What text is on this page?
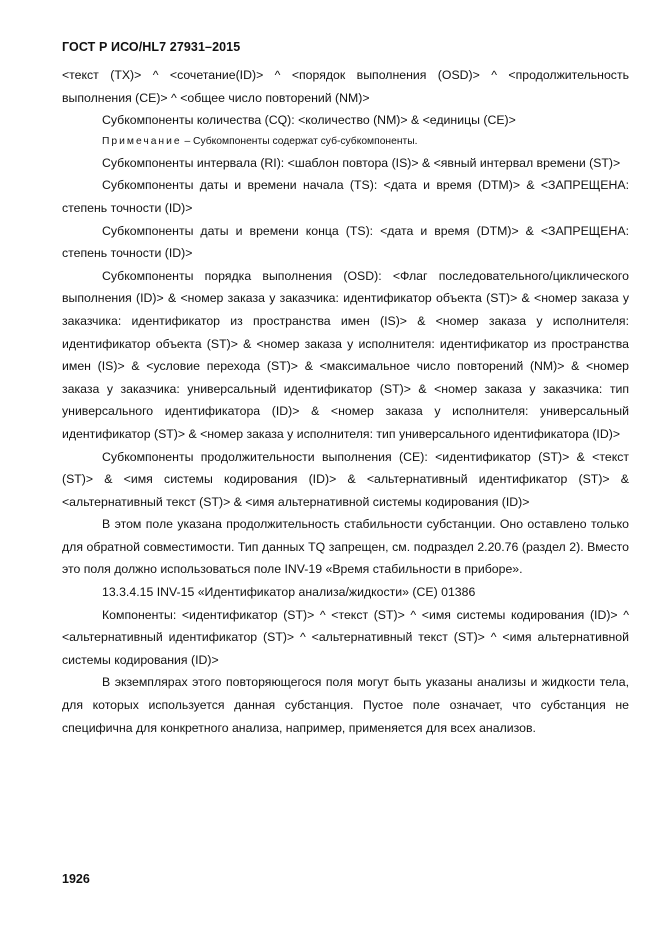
ГОСТ Р ИСО/HL7 27931–2015

<текст (TX)> ^ <сочетание(ID)> ^ <порядок выполнения (OSD)> ^ <продолжительность выполнения (CE)> ^ <общее число повторений (NM)>

Субкомпоненты количества (CQ): <количество (NM)> & <единицы (CE)>

Примечание – Субкомпоненты содержат суб-субкомпоненты.

Субкомпоненты интервала (RI): <шаблон повтора (IS)> & <явный интервал времени (ST)>

Субкомпоненты даты и времени начала (TS): <дата и время (DTM)> & <ЗАПРЕЩЕНА: степень точности (ID)>

Субкомпоненты даты и времени конца (TS): <дата и время (DTM)> & <ЗАПРЕЩЕНА: степень точности (ID)>

Субкомпоненты порядка выполнения (OSD): <Флаг последовательного/циклического выполнения (ID)> & <номер заказа у заказчика: идентификатор объекта (ST)> & <номер заказа у заказчика: идентификатор из пространства имен (IS)> & <номер заказа у исполнителя: идентификатор объекта (ST)> & <номер заказа у исполнителя: идентификатор из пространства имен (IS)> & <условие перехода (ST)> & <максимальное число повторений (NM)> & <номер заказа у заказчика: универсальный идентификатор (ST)> & <номер заказа у заказчика: тип универсального идентификатора (ID)> & <номер заказа у исполнителя: универсальный идентификатор (ST)> & <номер заказа у исполнителя: тип универсального идентификатора (ID)>

Субкомпоненты продолжительности выполнения (CE): <идентификатор (ST)> & <текст (ST)> & <имя системы кодирования (ID)> & <альтернативный идентификатор (ST)> & <альтернативный текст (ST)> & <имя альтернативной системы кодирования (ID)>

В этом поле указана продолжительность стабильности субстанции. Оно оставлено только для обратной совместимости. Тип данных TQ запрещен, см. подраздел 2.20.76 (раздел 2). Вместо это поля должно использоваться поле INV-19 «Время стабильности в приборе».

13.3.4.15 INV-15 «Идентификатор анализа/жидкости» (CE) 01386

Компоненты: <идентификатор (ST)> ^ <текст (ST)> ^ <имя системы кодирования (ID)> ^ <альтернативный идентификатор (ST)> ^ <альтернативный текст (ST)> ^ <имя альтернативной системы кодирования (ID)>

В экземплярах этого повторяющегося поля могут быть указаны анализы и жидкости тела, для которых используется данная субстанция. Пустое поле означает, что субстанция не специфична для конкретного анализа, например, применяется для всех анализов.

1926
